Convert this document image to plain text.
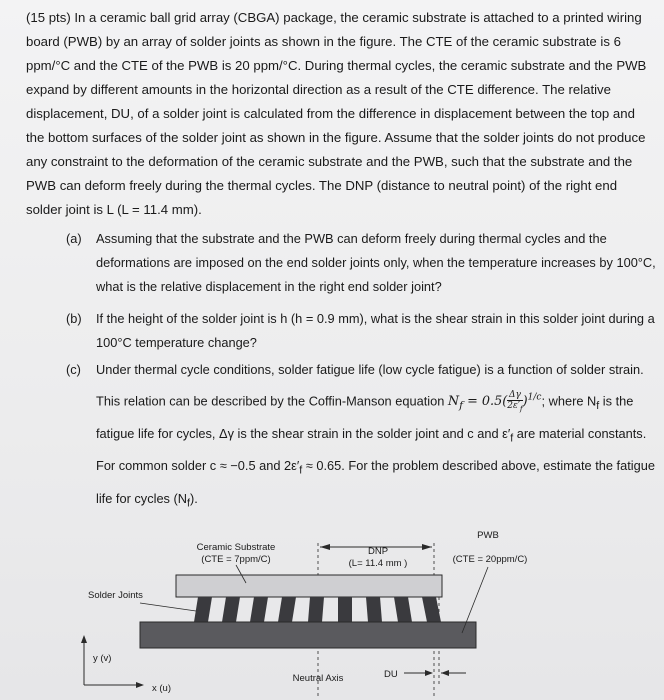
(15 pts) In a ceramic ball grid array (CBGA) package, the ceramic substrate is attached to a printed wiring board (PWB) by an array of solder joints as shown in the figure. The CTE of the ceramic substrate is 6 ppm/°C and the CTE of the PWB is 20 ppm/°C. During thermal cycles, the ceramic substrate and the PWB expand by different amounts in the horizontal direction as a result of the CTE difference. The relative displacement, DU, of a solder joint is calculated from the difference in displacement between the top and the bottom surfaces of the solder joint as shown in the figure. Assume that the solder joints do not produce any constraint to the deformation of the ceramic substrate and the PWB, such that the substrate and the PWB can deform freely during the thermal cycles. The DNP (distance to neutral point) of the right end solder joint is L (L = 11.4 mm).
(a) Assuming that the substrate and the PWB can deform freely during thermal cycles and the deformations are imposed on the end solder joints only, when the temperature increases by 100°C, what is the relative displacement in the right end solder joint?
(b) If the height of the solder joint is h (h = 0.9 mm), what is the shear strain in this solder joint during a 100°C temperature change?
(c) Under thermal cycle conditions, solder fatigue life (low cycle fatigue) is a function of solder strain. This relation can be described by the Coffin-Manson equation $N_f = 0.5( \frac{\Delta\gamma}{2\varepsilon'_f} )^{1/c}$; where $N_f$ is the fatigue life for cycles, Δγ is the shear strain in the solder joint and c and $\varepsilon'_f$ are material constants. For common solder c ≈ −0.5 and $2\varepsilon'_f \approx 0.65$. For the problem described above, estimate the fatigue life for cycles $(N_f)$.
Ceramic Substrate
(CTE = 7ppm/C)
DNP
(L= 11.4 mm )
PWB
(CTE = 20ppm/C)
Solder Joints
y (v)
x (u)
Neutral Axis	DU
